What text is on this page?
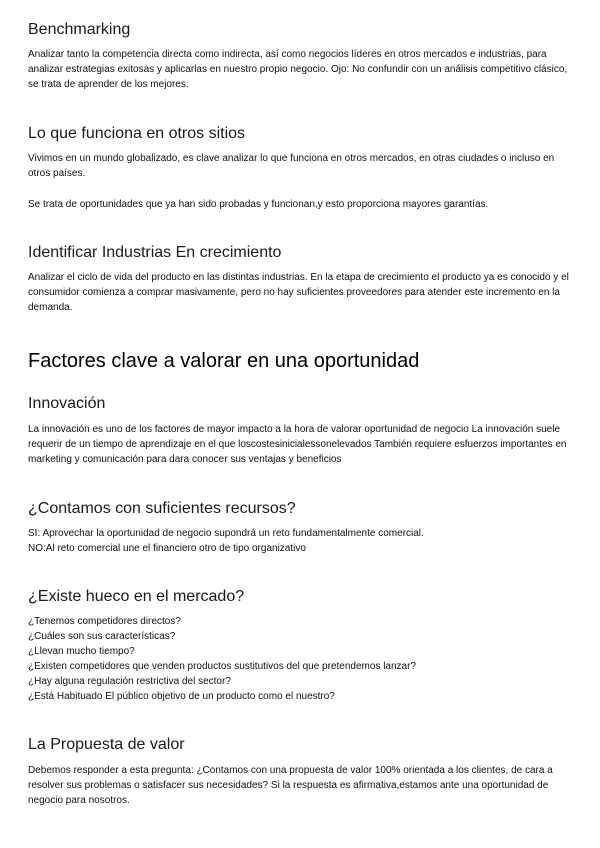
Benchmarking

Analizar tanto la competencia directa como indirecta, así como negocios líderes en otros mercados e industrias, para analizar estrategias exitosas y aplicarlas en nuestro propio negocio. Ojo: No confundir con un análisis competitivo clásico, se trata de aprender de los mejores.

Lo que funciona en otros sitios

Vivimos en un mundo globalizado, es clave analizar lo que funciona en otros mercados, en otras ciudades o incluso en otros países.

Se trata de oportunidades que ya han sido probadas y funcionan,y esto proporciona mayores garantías.

Identificar Industrias En crecimiento

Analizar el ciclo de vida del producto en las distintas industrias. En la etapa de crecimiento el producto ya es conocido y el consumidor comienza a comprar masivamente, pero no hay suficientes proveedores para atender este incremento en la demanda.

Factores clave a valorar en una oportunidad
Innovación

La innovación es uno de los factores de mayor impacto a la hora de valorar oportunidad de negocio La innovación suele requerir de un tiempo de aprendizaje en el que loscostesinicialessonelevados También requiere esfuerzos importantes en marketing y comunicación para dara conocer sus ventajas y beneficios

¿Contamos con suficientes recursos?

SI: Aprovechar la oportunidad de negocio supondrá un reto fundamentalmente comercial.

NO:Al reto comercial une el financiero otro de tipo organizativo

¿Existe hueco en el mercado?

¿Tenemos competidores directos?

¿Cuáles son sus características?

¿Llevan mucho tiempo?

¿Existen competidores que venden productos sustitutivos del que pretendemos lanzar?

¿Hay alguna regulación restrictiva del sector?

¿Está Habituado El público objetivo de un producto como el nuestro?

La Propuesta de valor

Debemos responder a esta pregunta: ¿Contamos con una propuesta de valor 100% orientada a los clientes, de cara a resolver sus problemas o satisfacer sus necesidades? Si la respuesta es afirmativa,estamos ante una oportunidad de negocio para nosotros.
